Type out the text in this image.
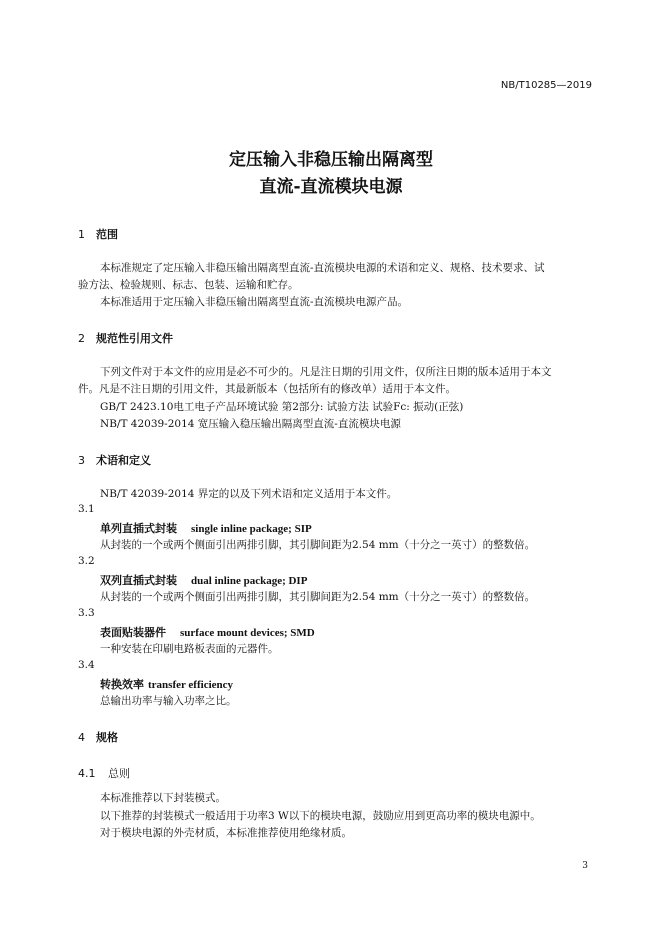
NB/T10285—2019
定压输入非稳压输出隔离型
直流-直流模块电源
1 范围
本标准规定了定压输入非稳压输出隔离型直流-直流模块电源的术语和定义、规格、技术要求、试
验方法、检验规则、标志、包装、运输和贮存。
本标准适用于定压输入非稳压输出隔离型直流-直流模块电源产品。
2 规范性引用文件
下列文件对于本文件的应用是必不可少的。凡是注日期的引用文件，仅所注日期的版本适用于本文
件。凡是不注日期的引用文件，其最新版本（包括所有的修改单）适用于本文件。
GB/T 2423.10电工电子产品环境试验 第2部分: 试验方法 试验Fc: 振动(正弦)
NB/T 42039-2014 宽压输入稳压输出隔离型直流-直流模块电源
3 术语和定义
NB/T 42039-2014 界定的以及下列术语和定义适用于本文件。
3.1
单列直插式封装 single inline package; SIP
从封装的一个或两个侧面引出两排引脚，其引脚间距为2.54 mm（十分之一英寸）的整数倍。
3.2
双列直插式封装 dual inline package; DIP
从封装的一个或两个侧面引出两排引脚，其引脚间距为2.54 mm（十分之一英寸）的整数倍。
3.3
表面贴装器件 surface mount devices; SMD
一种安装在印刷电路板表面的元器件。
3.4
转换效率 transfer efficiency
总输出功率与输入功率之比。
4 规格
4.1 总则
本标准推荐以下封装模式。
以下推荐的封装模式一般适用于功率3 W以下的模块电源，鼓励应用到更高功率的模块电源中。
对于模块电源的外壳材质，本标准推荐使用绝缘材质。
3
